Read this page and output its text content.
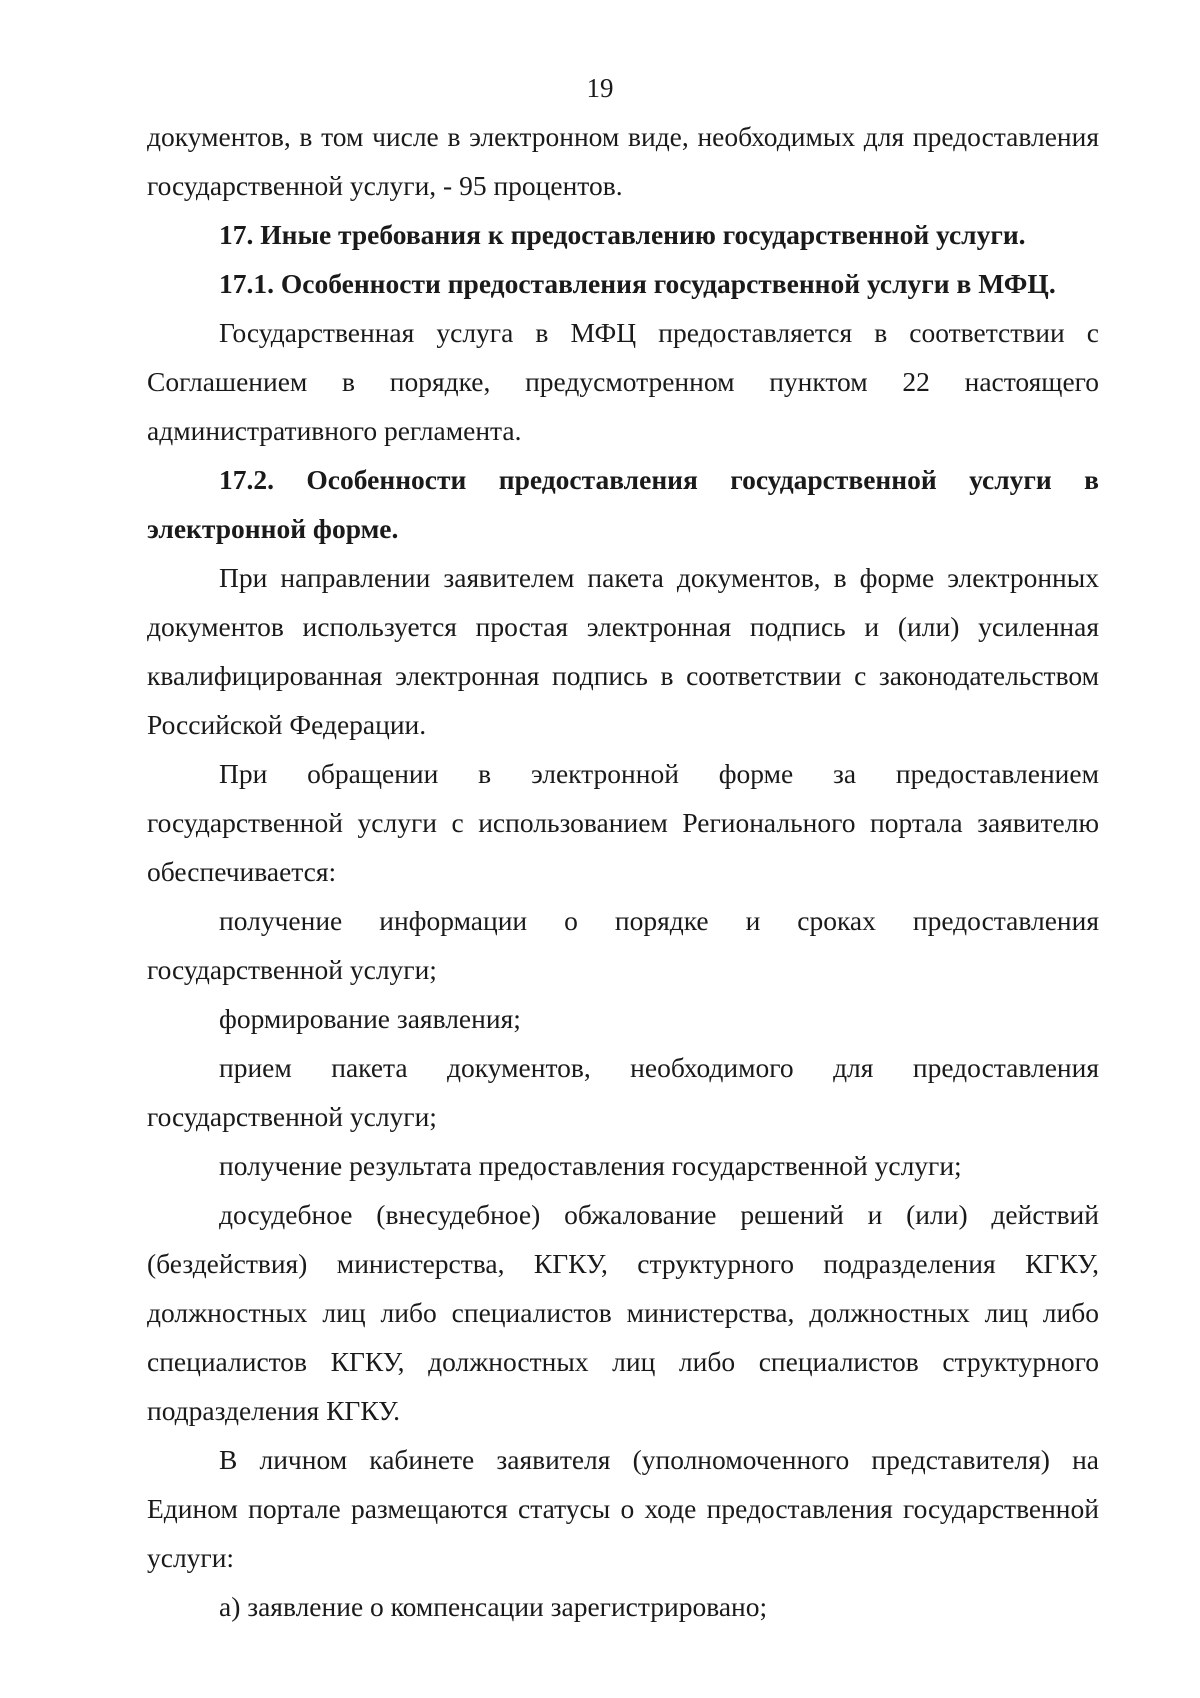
19

документов, в том числе в электронном виде, необходимых для предоставления государственной услуги, - 95 процентов.

17. Иные требования к предоставлению государственной услуги.

17.1. Особенности предоставления государственной услуги в МФЦ.

Государственная услуга в МФЦ предоставляется в соответствии с Соглашением в порядке, предусмотренном пунктом 22 настоящего административного регламента.

17.2. Особенности предоставления государственной услуги в электронной форме.

При направлении заявителем пакета документов, в форме электронных документов используется простая электронная подпись и (или) усиленная квалифицированная электронная подпись в соответствии с законодательством Российской Федерации.

При обращении в электронной форме за предоставлением государственной услуги с использованием Регионального портала заявителю обеспечивается:

получение информации о порядке и сроках предоставления государственной услуги;

формирование заявления;

прием пакета документов, необходимого для предоставления государственной услуги;

получение результата предоставления государственной услуги;

досудебное (внесудебное) обжалование решений и (или) действий (бездействия) министерства, КГКУ, структурного подразделения КГКУ, должностных лиц либо специалистов министерства, должностных лиц либо специалистов КГКУ, должностных лиц либо специалистов структурного подразделения КГКУ.

В личном кабинете заявителя (уполномоченного представителя) на Едином портале размещаются статусы о ходе предоставления государственной услуги:

а) заявление о компенсации зарегистрировано;
